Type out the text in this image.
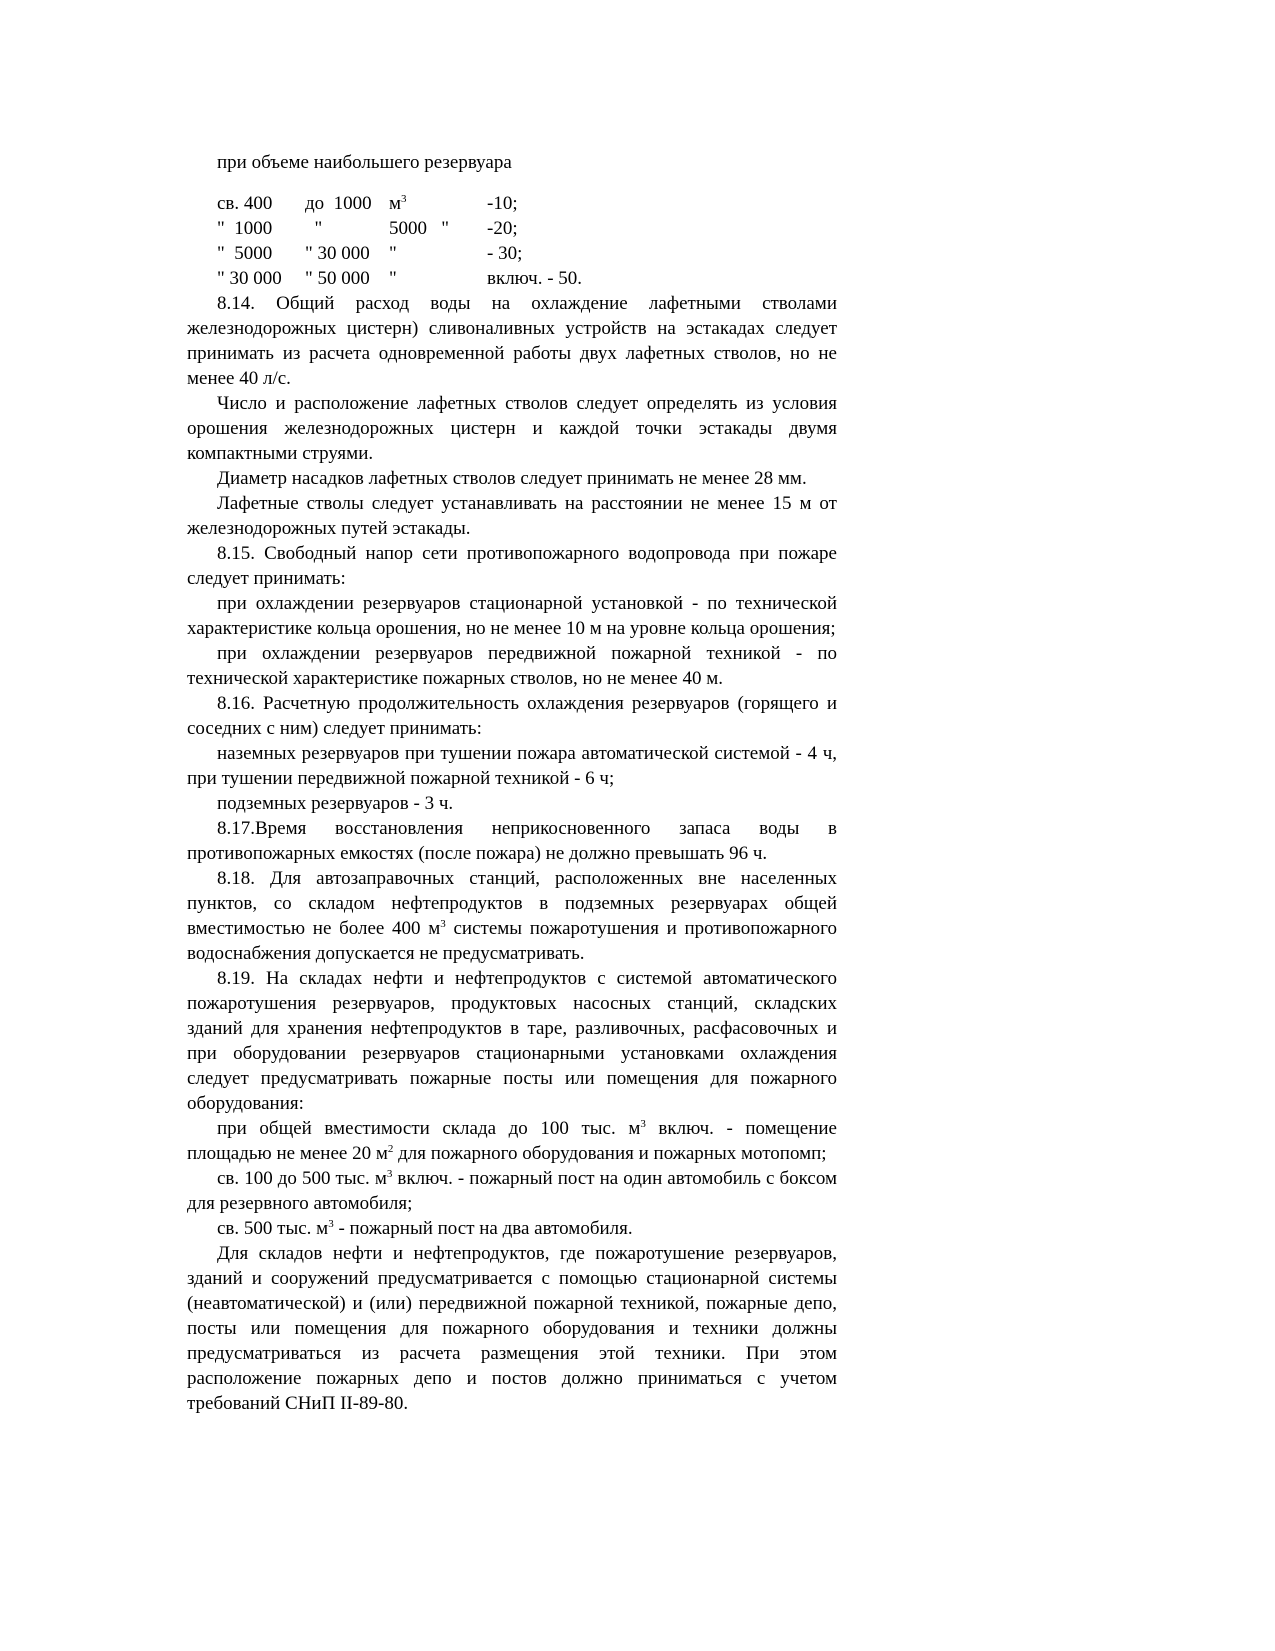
при объеме наибольшего резервуара
св. 400	до  1000 $м^3$	-10;
"  1000	"	5000   "	-20;
"  5000	" 30 000	"	- 30;
" 30 000	" 50 000	"	включ. - 50.

8.14. Общий расход воды на охлаждение лафетными стволами железнодорожных цистерн) сливоналивных устройств на эстакадах следует принимать из расчета одновременной работы двух лафетных стволов, но не менее 40 л/с.

Число и расположение лафетных стволов следует определять из условия орошения железнодорожных цистерн и каждой точки эстакады двумя компактными струями.

Диаметр насадков лафетных стволов следует принимать не менее 28 мм.

Лафетные стволы следует устанавливать на расстоянии не менее 15 м от железнодорожных путей эстакады.

8.15. Свободный напор сети противопожарного водопровода при пожаре следует принимать:

при охлаждении резервуаров стационарной установкой - по технической характеристике кольца орошения, но не менее 10 м на уровне кольца орошения;

при охлаждении резервуаров передвижной пожарной техникой - по технической характеристике пожарных стволов, но не менее 40 м.

8.16. Расчетную продолжительность охлаждения резервуаров (горящего и соседних с ним) следует принимать:

наземных резервуаров при тушении пожара автоматической системой - 4 ч, при тушении передвижной пожарной техникой - 6 ч;

подземных резервуаров - 3 ч.

8.17.Время восстановления неприкосновенного запаса воды в противопожарных емкостях (после пожара) не должно превышать 96 ч.

8.18. Для автозаправочных станций, расположенных вне населенных пунктов, со складом нефтепродуктов в подземных резервуарах общей вместимостью не более 400 $м^3$ системы пожаротушения и противопожарного водоснабжения допускается не предусматривать.

8.19. На складах нефти и нефтепродуктов с системой автоматического пожаротушения резервуаров, продуктовых насосных станций, складских зданий для хранения нефтепродуктов в таре, разливочных, расфасовочных и при оборудовании резервуаров стационарными установками охлаждения следует предусматривать пожарные посты или помещения для пожарного оборудования:

при общей вместимости склада до 100 тыс. $м^3$ включ. - помещение площадью не менее 20 $м^2$ для пожарного оборудования и пожарных мотопомп;

св. 100 до 500 тыс. $м^3$ включ. - пожарный пост на один автомобиль с боксом для резервного автомобиля;

св. 500 тыс. $м^3$ - пожарный пост на два автомобиля.

Для складов нефти и нефтепродуктов, где пожаротушение резервуаров, зданий и сооружений предусматривается с помощью стационарной системы (неавтоматической) и (или) передвижной пожарной техникой, пожарные депо, посты или помещения для пожарного оборудования и техники должны предусматриваться из расчета размещения этой техники. При этом расположение пожарных депо и постов должно приниматься с учетом требований СНиП II-89-80.
